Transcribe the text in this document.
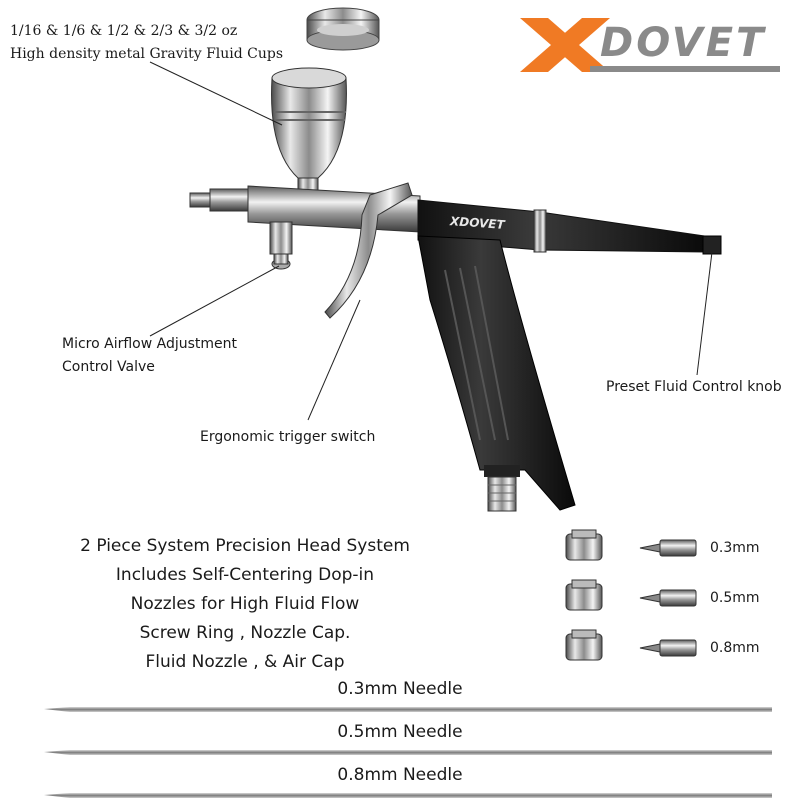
DOVET
XDOVET
1/16 & 1/6 & 1/2 & 2/3 & 3/2 oz
High density metal Gravity Fluid Cups
Micro Airflow Adjustment
Control Valve
Ergonomic trigger switch
Preset Fluid Control knob
2 Piece System Precision Head System
Includes Self-Centering Dop-in
Nozzles for High Fluid Flow
Screw Ring , Nozzle Cap.
Fluid Nozzle , & Air Cap
0.3mm
0.5mm
0.8mm
0.3mm Needle
0.5mm Needle
0.8mm Needle
